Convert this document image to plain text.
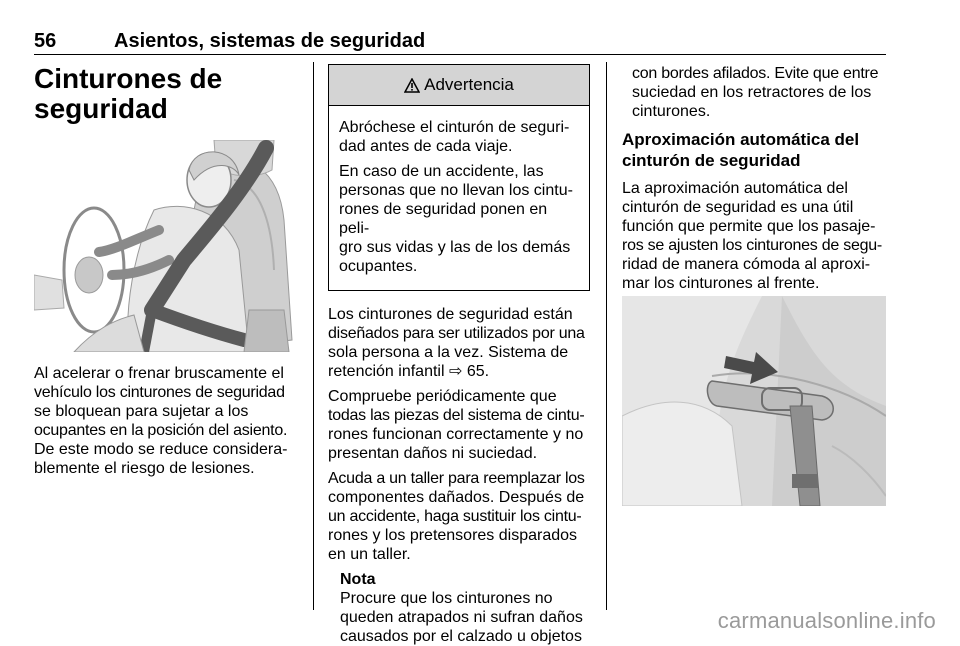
56	Asientos, sistemas de seguridad
Cinturones de
seguridad

Al acelerar o frenar bruscamente el
vehículo los cinturones de seguridad
se bloquean para sujetar a los
ocupantes en la posición del asiento.
De este modo se reduce considera-
blemente el riesgo de lesiones.

Advertencia

Abróchese el cinturón de seguri-
dad antes de cada viaje.

En caso de un accidente, las
personas que no llevan los cintu-
rones de seguridad ponen en peli-
gro sus vidas y las de los demás
ocupantes.

Los cinturones de seguridad están
diseñados para ser utilizados por una
sola persona a la vez. Sistema de
retención infantil ⇨ 65.

Compruebe periódicamente que
todas las piezas del sistema de cintu-
rones funcionan correctamente y no
presentan daños ni suciedad.

Acuda a un taller para reemplazar los
componentes dañados. Después de
un accidente, haga sustituir los cintu-
rones y los pretensores disparados
en un taller.

Nota

Procure que los cinturones no
queden atrapados ni sufran daños
causados por el calzado u objetos

con bordes afilados. Evite que entre
suciedad en los retractores de los
cinturones.

Aproximación automática del
cinturón de seguridad

La aproximación automática del
cinturón de seguridad es una útil
función que permite que los pasaje-
ros se ajusten los cinturones de segu-
ridad de manera cómoda al aproxi-
mar los cinturones al frente.

carmanualsonline.info
